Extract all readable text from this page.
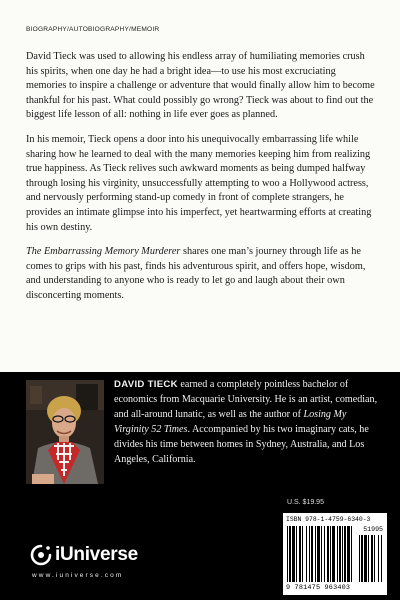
BIOGRAPHY/AUTOBIOGRAPHY/MEMOIR

David Tieck was used to allowing his endless array of humiliating memories crush his spirits, when one day he had a bright idea—to use his most excruciating memories to inspire a challenge or adventure that would finally allow him to become thankful for his past. What could possibly go wrong? Tieck was about to find out the biggest life lesson of all: nothing in life ever goes as planned.

In his memoir, Tieck opens a door into his unequivocally embarrassing life while sharing how he learned to deal with the many memories keeping him from realizing true happiness. As Tieck relives such awkward moments as being dumped halfway through losing his virginity, unsuccessfully attempting to woo a Hollywood actress, and nervously performing stand-up comedy in front of complete strangers, he provides an intimate glimpse into his imperfect, yet heartwarming efforts at creating his own destiny.

The Embarrassing Memory Murderer shares one man’s journey through life as he comes to grips with his past, finds his adventurous spirit, and offers hope, wisdom, and understanding to anyone who is ready to let go and laugh about their own disconcerting moments.

DAVID TIECK earned a completely pointless bachelor of economics from Macquarie University. He is an artist, comedian, and all-around lunatic, as well as the author of Losing My Virginity 52 Times. Accompanied by his two imaginary cats, he divides his time between homes in Sydney, Australia, and Los Angeles, California.
U.S. $19.95
ISBN 978-1-4759-6340-3
51995
9 781475 963403
iUniverse
www.iuniverse.com
